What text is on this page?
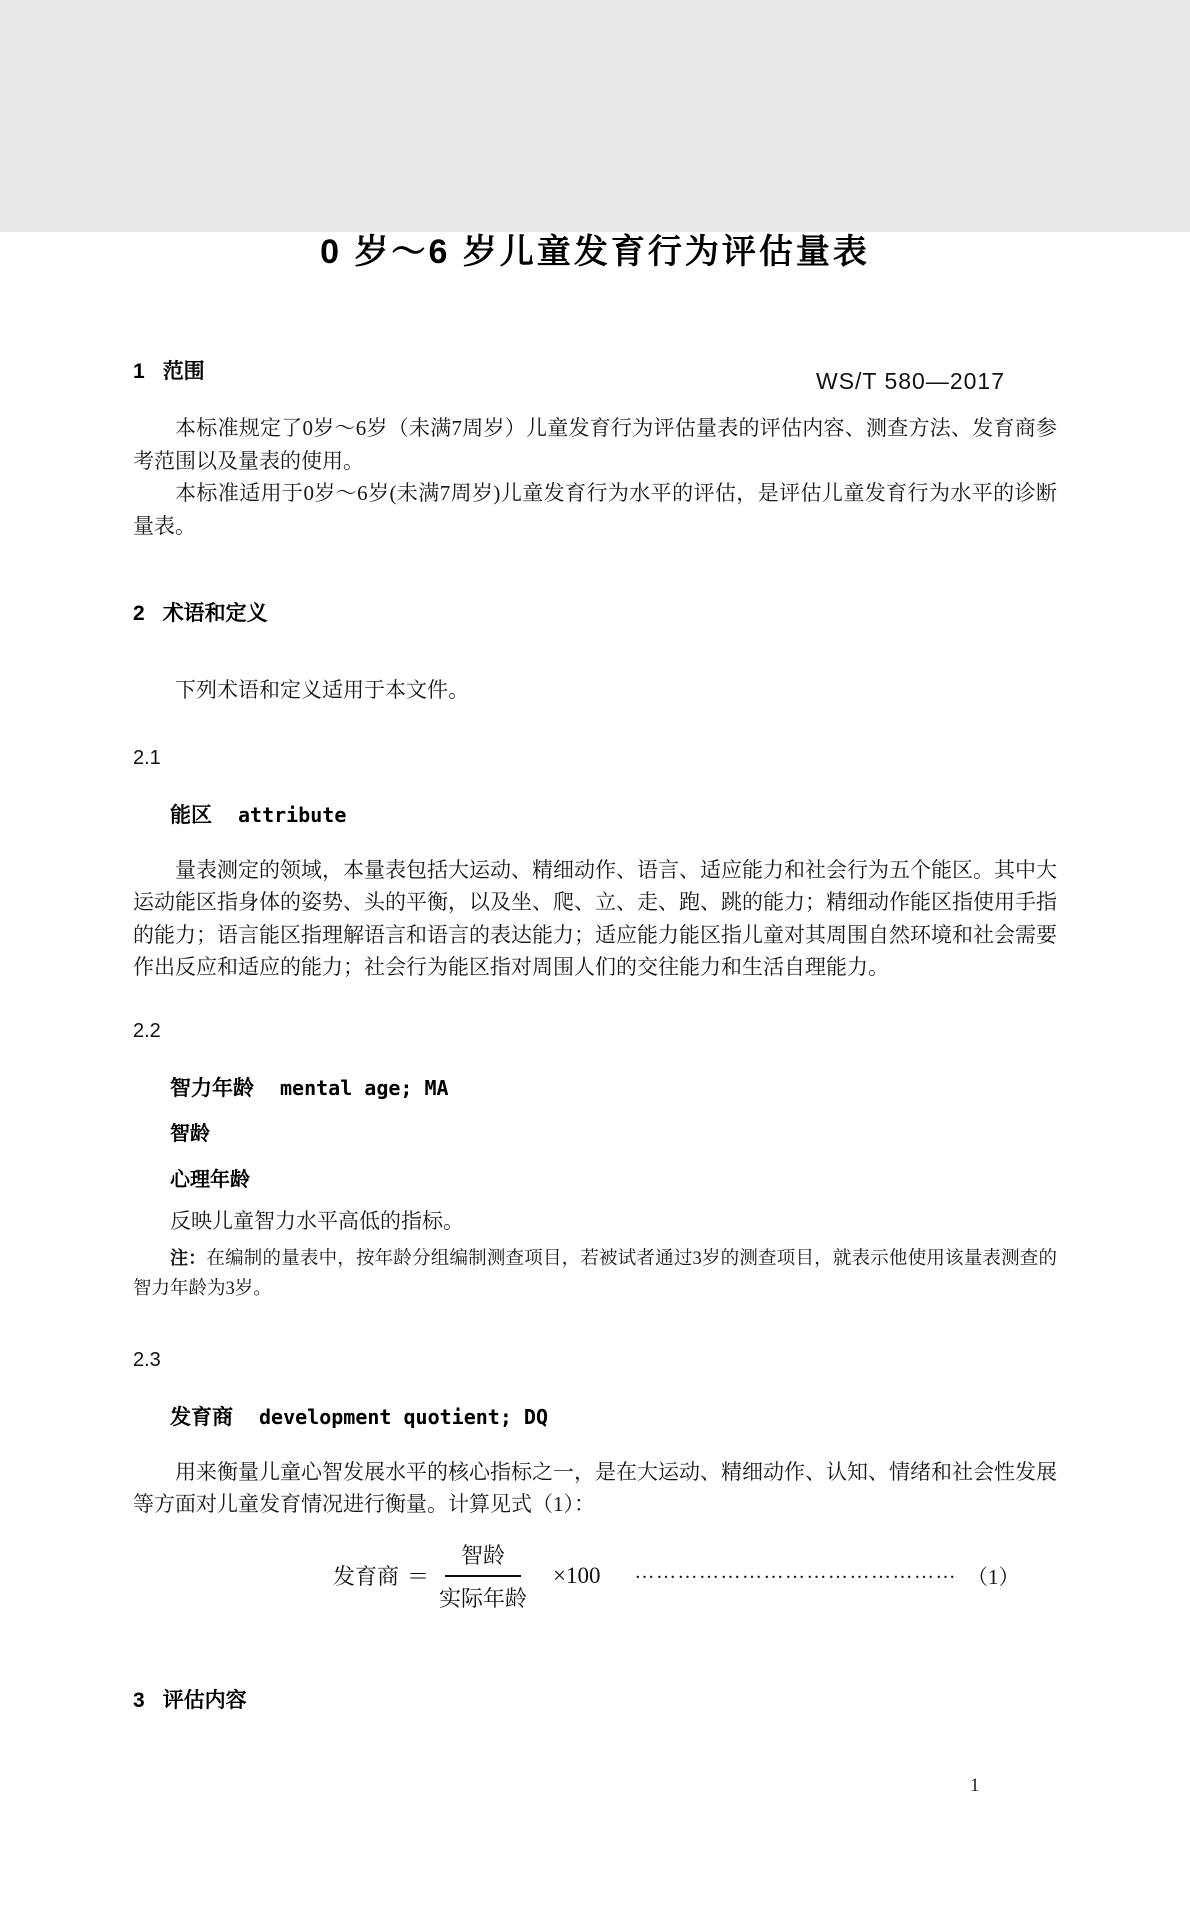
WS/T 580—2017
0 岁～6 岁儿童发育行为评估量表
1 范围

本标准规定了0岁～6岁（未满7周岁）儿童发育行为评估量表的评估内容、测查方法、发育商参考范围以及量表的使用。

本标准适用于0岁～6岁(未满7周岁)儿童发育行为水平的评估，是评估儿童发育行为水平的诊断量表。

2 术语和定义

下列术语和定义适用于本文件。

2.1

能区 attribute

量表测定的领域，本量表包括大运动、精细动作、语言、适应能力和社会行为五个能区。其中大运动能区指身体的姿势、头的平衡，以及坐、爬、立、走、跑、跳的能力；精细动作能区指使用手指的能力；语言能区指理解语言和语言的表达能力；适应能力能区指儿童对其周围自然环境和社会需要作出反应和适应的能力；社会行为能区指对周围人们的交往能力和生活自理能力。

2.2

智力年龄 mental age; MA

智龄

心理年龄

反映儿童智力水平高低的指标。

注：在编制的量表中，按年龄分组编制测查项目，若被试者通过3岁的测查项目，就表示他使用该量表测查的智力年龄为3岁。

2.3

发育商 development quotient; DQ

用来衡量儿童心智发展水平的核心指标之一，是在大运动、精细动作、认知、情绪和社会性发展等方面对儿童发育情况进行衡量。计算见式（1）：

发育商 ＝ $\frac{\text{智龄}}{\text{实际年龄}} \times 100$ ……………………………………… （1）
3 评估内容
1
